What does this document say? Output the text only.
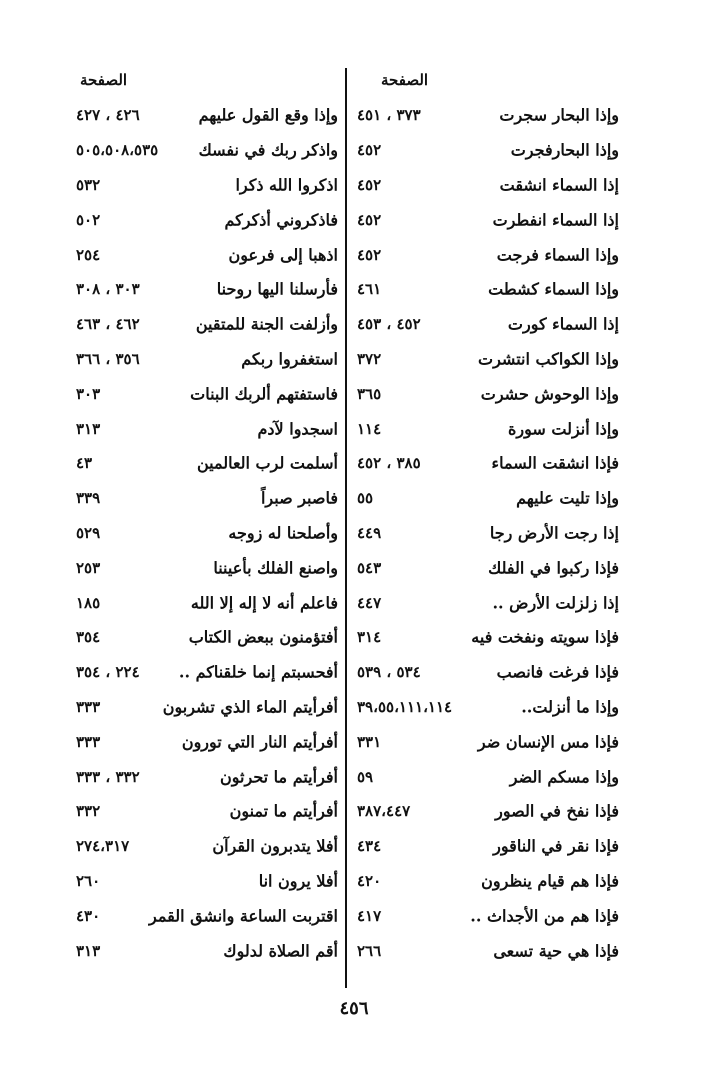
الصفحة
وإذا البحار سجرت
٣٧٣ ، ٤٥١
وإذا البحارفجرت
٤٥٢
إذا السماء انشقت
٤٥٢
إذا السماء انفطرت
٤٥٢
وإذا السماء فرجت
٤٥٢
وإذا السماء كشطت
٤٦١
إذا السماء كورت
٤٥٢ ، ٤٥٣
وإذا الكواكب انتشرت
٣٧٢
وإذا الوحوش حشرت
٣٦٥
وإذا أنزلت سورة
١١٤
فإذا انشقت السماء
٣٨٥ ، ٤٥٢
وإذا تليت عليهم
٥٥
إذا رجت الأرض رجا
٤٤٩
فإذا ركبوا في الفلك
٥٤٣
إذا زلزلت الأرض ..
٤٤٧
فإذا سويته ونفخت فيه
٣١٤
فإذا فرغت فانصب
٥٣٤ ، ٥٣٩
وإذا ما أنزلت..
٣٩،٥٥،١١١،١١٤
فإذا مس الإنسان ضر
٣٣١
وإذا مسكم الضر
٥٩
فإذا نفخ في الصور
٣٨٧،٤٤٧
فإذا نقر في الناقور
٤٣٤
فإذا هم قيام ينظرون
٤٢٠
فإذا هم من الأجداث ..
٤١٧
فإذا هي حية تسعى
٢٦٦
الصفحة
وإذا وقع القول عليهم
٤٢٦ ، ٤٢٧
واذكر ربك في نفسك
٥٠٥،٥٠٨،٥٣٥
اذكروا الله ذكرا
٥٣٢
فاذكروني أذكركم
٥٠٢
اذهبا إلى فرعون
٢٥٤
فأرسلنا اليها روحنا
٣٠٣ ، ٣٠٨
وأزلفت الجنة للمتقين
٤٦٢ ، ٤٦٣
استغفروا ربكم
٣٥٦ ، ٣٦٦
فاستفتهم ألربك البنات
٣٠٣
اسجدوا لآدم
٣١٣
أسلمت لرب العالمين
٤٣
فاصبر صبراً
٣٣٩
وأصلحنا له زوجه
٥٢٩
واصنع الفلك بأعيننا
٢٥٣
فاعلم أنه لا إله إلا الله
١٨٥
أفتؤمنون ببعض الكتاب
٣٥٤
أفحسبتم إنما خلقناكم ..
٢٢٤ ، ٣٥٤
أفرأيتم الماء الذي تشربون
٣٣٣
أفرأيتم النار التي تورون
٣٣٣
أفرأيتم ما تحرثون
٣٣٢ ، ٣٣٣
أفرأيتم ما تمنون
٣٣٢
أفلا يتدبرون القرآن
٢٧٤،٣١٧
أفلا يرون انا
٢٦٠
اقتربت الساعة وانشق القمر
٤٣٠
أقم الصلاة لدلوك
٣١٣
٤٥٦
